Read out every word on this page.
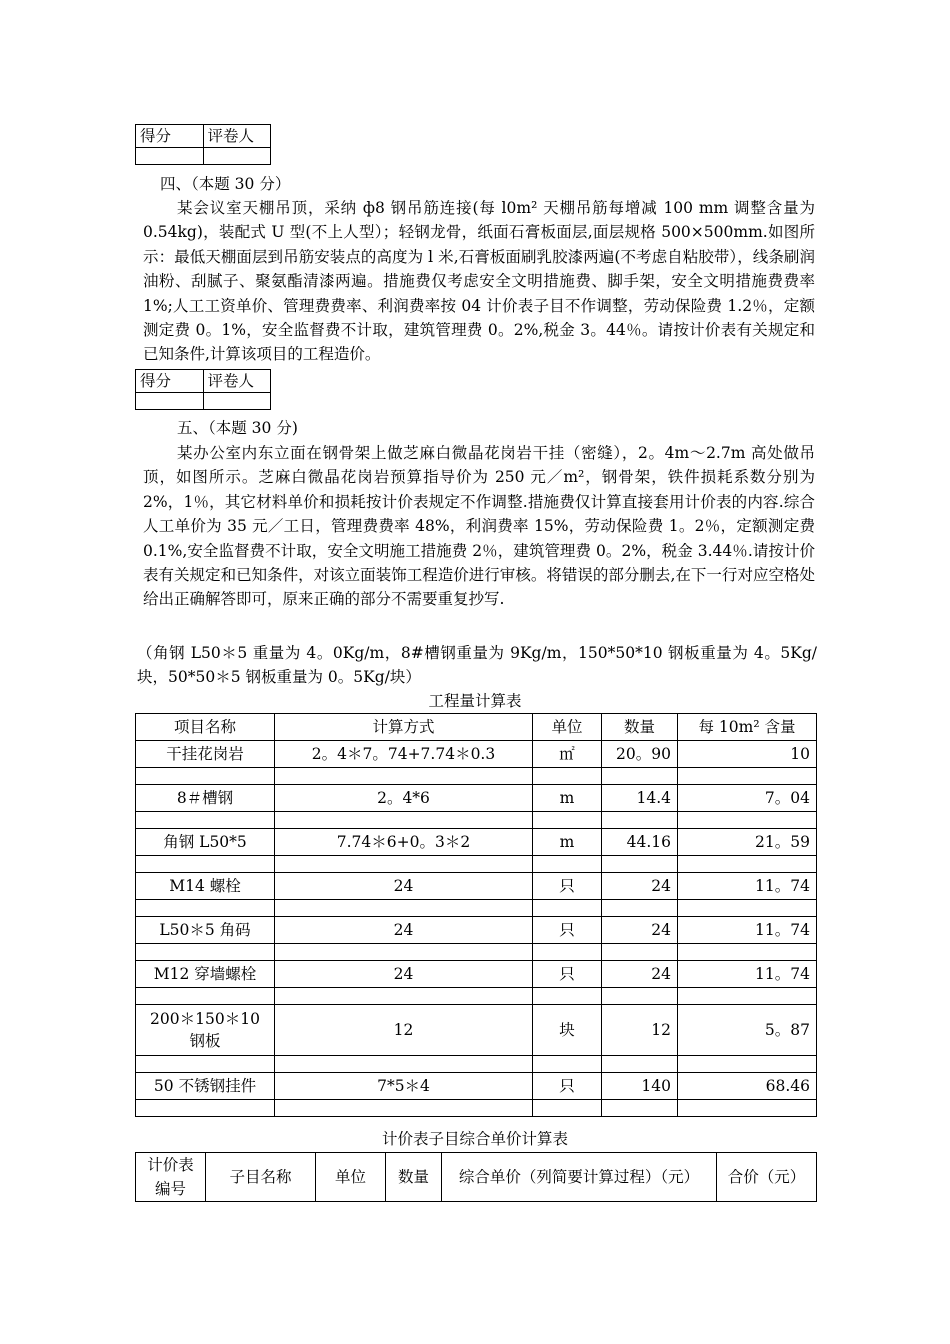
得分	评卷人

四、（本题 30 分）

某会议室天棚吊顶，采纳 ф8 钢吊筋连接(每 l0m² 天棚吊筋每增减 100 mm 调整含量为 0.54kg)，装配式 U 型(不上人型）；轻钢龙骨，纸面石膏板面层,面层规格 500×500mm.如图所示：最低天棚面层到吊筋安装点的高度为 l 米,石膏板面刷乳胶漆两遍(不考虑自粘胶带），线条刷润油粉、刮腻子、聚氨酯清漆两遍。措施费仅考虑安全文明措施费、脚手架，安全文明措施费费率 1%;人工工资单价、管理费费率、利润费率按 04 计价表子目不作调整，劳动保险费 1.2％，定额测定费 0。1%，安全监督费不计取，建筑管理费 0。2%,税金 3。44％。请按计价表有关规定和已知条件,计算该项目的工程造价。

得分	评卷人

五、（本题 30 分)

某办公室内东立面在钢骨架上做芝麻白微晶花岗岩干挂（密缝），2。4m～2.7m 高处做吊顶，如图所示。芝麻白微晶花岗岩预算指导价为 250 元／m²，钢骨架，铁件损耗系数分别为 2%，1％，其它材料单价和损耗按计价表规定不作调整.措施费仅计算直接套用计价表的内容.综合人工单价为 35 元／工日，管理费费率 48%，利润费率 15%，劳动保险费 1。2％，定额测定费 0.1%,安全监督费不计取，安全文明施工措施费 2％，建筑管理费 0。2%，税金 3.44％.请按计价表有关规定和已知条件，对该立面装饰工程造价进行审核。将错误的部分删去,在下一行对应空格处给出正确解答即可，原来正确的部分不需要重复抄写.

（角钢 L50＊5 重量为 4。0Kg/m，8#槽钢重量为 9Kg/m，150*50*10 钢板重量为 4。5Kg/块，50*50＊5 钢板重量为 0。5Kg/块）

工程量计算表
项目名称	计算方式	单位	数量	每 10m² 含量
干挂花岗岩	2。4＊7。74+7.74＊0.3	㎡	20。90	10

8＃槽钢	2。4*6	m	14.4	7。04

角钢 L50*5	7.74＊6+0。3＊2	m	44.16	21。59

M14 螺栓	24	只	24	11。74

L50＊5 角码	24	只	24	11。74

M12 穿墙螺栓	24	只	24	11。74

200＊150＊10 钢板	12	块	12	5。87

50 不锈钢挂件	7*5＊4	只	140	68.46

计价表子目综合单价计算表
计价表编号	子目名称	单位	数量	综合单价（列简要计算过程）（元）	合价（元）
